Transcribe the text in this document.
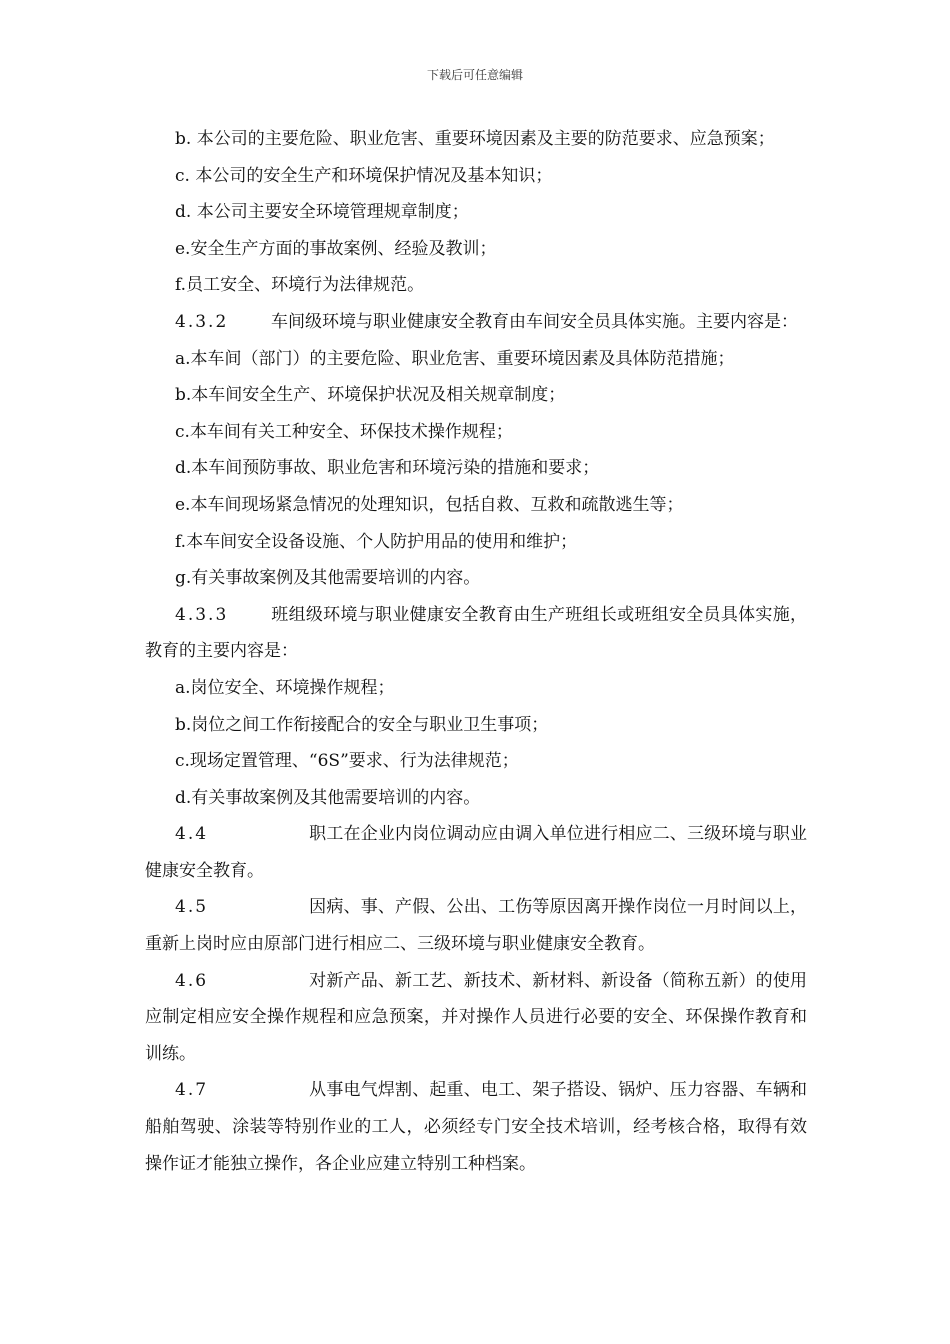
下载后可任意编辑

b. 本公司的主要危险、职业危害、重要环境因素及主要的防范要求、应急预案；

c. 本公司的安全生产和环境保护情况及基本知识；

d. 本公司主要安全环境管理规章制度；

e.安全生产方面的事故案例、经验及教训；

f.员工安全、环境行为法律规范。

4.3.2	车间级环境与职业健康安全教育由车间安全员具体实施。主要内容是：

a.本车间（部门）的主要危险、职业危害、重要环境因素及具体防范措施；

b.本车间安全生产、环境保护状况及相关规章制度；

c.本车间有关工种安全、环保技术操作规程；

d.本车间预防事故、职业危害和环境污染的措施和要求；

e.本车间现场紧急情况的处理知识，包括自救、互救和疏散逃生等；

f.本车间安全设备设施、个人防护用品的使用和维护；

g.有关事故案例及其他需要培训的内容。

4.3.3	班组级环境与职业健康安全教育由生产班组长或班组安全员具体实施，教育的主要内容是：

a.岗位安全、环境操作规程；

b.岗位之间工作衔接配合的安全与职业卫生事项；

c.现场定置管理、“6S”要求、行为法律规范；

d.有关事故案例及其他需要培训的内容。

4.4	职工在企业内岗位调动应由调入单位进行相应二、三级环境与职业健康安全教育。

4.5	因病、事、产假、公出、工伤等原因离开操作岗位一月时间以上，重新上岗时应由原部门进行相应二、三级环境与职业健康安全教育。

4.6	对新产品、新工艺、新技术、新材料、新设备（简称五新）的使用应制定相应安全操作规程和应急预案，并对操作人员进行必要的安全、环保操作教育和训练。

4.7	从事电气焊割、起重、电工、架子搭设、锅炉、压力容器、车辆和船舶驾驶、涂装等特别作业的工人，必须经专门安全技术培训，经考核合格，取得有效操作证才能独立操作，各企业应建立特别工种档案。
